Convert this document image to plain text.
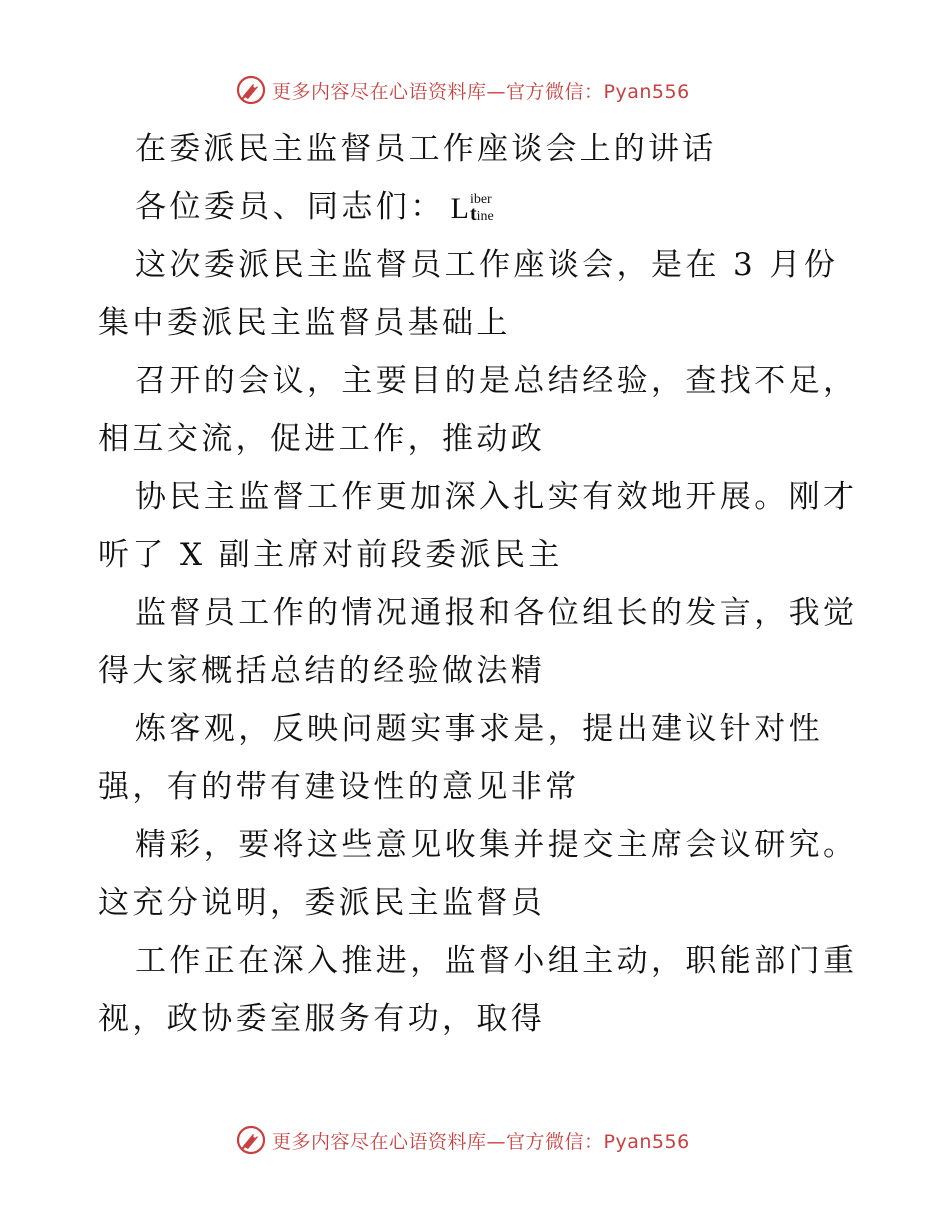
更多内容尽在心语资料库—官方微信：Pyan556
在委派民主监督员工作座谈会上的讲话
各位委员、同志们： L iber
tine
这次委派民主监督员工作座谈会，是在 3 月份
集中委派民主监督员基础上
召开的会议，主要目的是总结经验，查找不足，
相互交流，促进工作，推动政
协民主监督工作更加深入扎实有效地开展。刚才
听了 X 副主席对前段委派民主
监督员工作的情况通报和各位组长的发言，我觉
得大家概括总结的经验做法精
炼客观，反映问题实事求是，提出建议针对性
强，有的带有建设性的意见非常
精彩，要将这些意见收集并提交主席会议研究。
这充分说明，委派民主监督员
工作正在深入推进，监督小组主动，职能部门重
视，政协委室服务有功，取得
更多内容尽在心语资料库—官方微信：Pyan556
